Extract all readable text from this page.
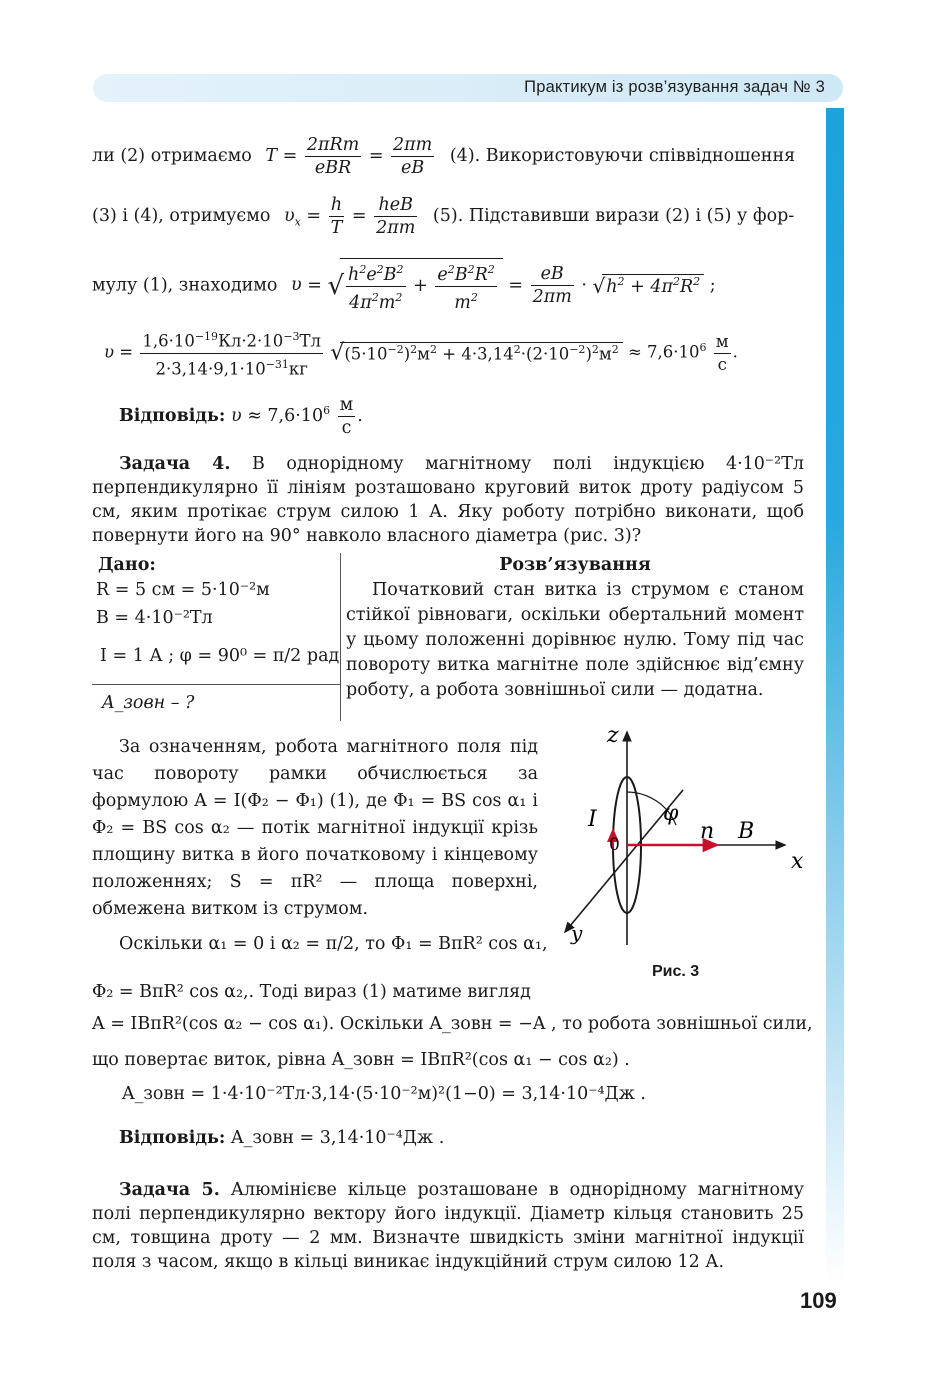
Практикум із розв’язування задач № 3
ли (2) отримаємо $T = \frac{\text{2πRm}}{\text{eBR}} = \frac{2\pi m}{eB} (4)$. Використовуючи співвідношення
(3) і (4), отримуємо $\upsilon_x = \frac{h}{T} = \frac{\text{heB}}{2\pi m} (5)$. Підставивши вирази (2) і (5) у фор-
мулу (1), знаходимо υ = √ $\frac{h^2e^2B^2}{4\pi^2m^2} + \frac{e^2B^2R^2}{m^2} = \frac{eB}{2\pi m} \cdot √h^2 + 4\pi^2R^2$ ;
$\upsilon = \frac{1,6\cdot 10^{-19}Кл\cdot 2\cdot 10^{-3}Тл}{2\cdot 3,14\cdot 9,1\cdot 10^{-31}кг} √(5\cdot 10^{-2})^2м^2 + 4\cdot 3,14^2\cdot(2\cdot 10^{-2})^2м^2 \approx 7,6\cdot 10^6 \frac{м}{с}$ .
Відповідь: $\upsilon \approx 7,6\cdot 10^6 \frac{м}{с}$ .
Задача 4. В однорідному магнітному полі індукцією 4·10⁻²Тл перпендикулярно її лініям розташовано круговий виток дроту радіусом 5 см, яким протікає струм силою 1 А. Яку роботу потрібно виконати, щоб повернути його на 90° навколо власного діаметра (рис. 3)?
Дано:
R = 5 см = 5·10⁻²м
B = 4·10⁻²Тл
I = 1 А ; φ = 90⁰ = π/2 рад
A_зовн – ?
Розв’язування
Початковий стан витка із струмом є станом стійкої рівноваги, оскільки обертальний момент у цьому положенні дорівнює нулю. Тому під час повороту витка магнітне поле здійснює від’ємну роботу, а робота зовнішньої сили — додатна.
За означенням, робота магнітного поля під час повороту рамки обчислюється за формулою A = I(Φ₂ − Φ₁) (1), де Φ₁ = BS cos α₁ і Φ₂ = BS cos α₂ — потік магнітної індукції крізь площину витка в його початковому і кінцевому положеннях; S = πR² — площа поверхні, обмежена витком із струмом.
Оскільки α₁ = 0 і α₂ = π/2, то Φ₁ = BπR² cos α₁,
Φ₂ = BπR² cos α₂,. Тоді вираз (1) матиме вигляд
A = IBπR²(cos α₂ − cos α₁). Оскільки A_зовн = −A , то робота зовнішньої сили,
що повертає виток, рівна A_зовн = IBπR²(cos α₁ − cos α₂) .
A_зовн = 1·4·10⁻²Тл·3,14·(5·10⁻²м)²(1−0) = 3,14·10⁻⁴Дж .
Відповідь: A_зовн = 3,14·10⁻⁴Дж .
z
x
y
I
0
φ
n B
Рис. 3
Задача 5. Алюмінієве кільце розташоване в однорідному магнітному полі перпендикулярно вектору його індукції. Діаметр кільця становить 25 см, товщина дроту — 2 мм. Визначте швидкість зміни магнітної індукції поля з часом, якщо в кільці виникає індукційний струм силою 12 А.
109
